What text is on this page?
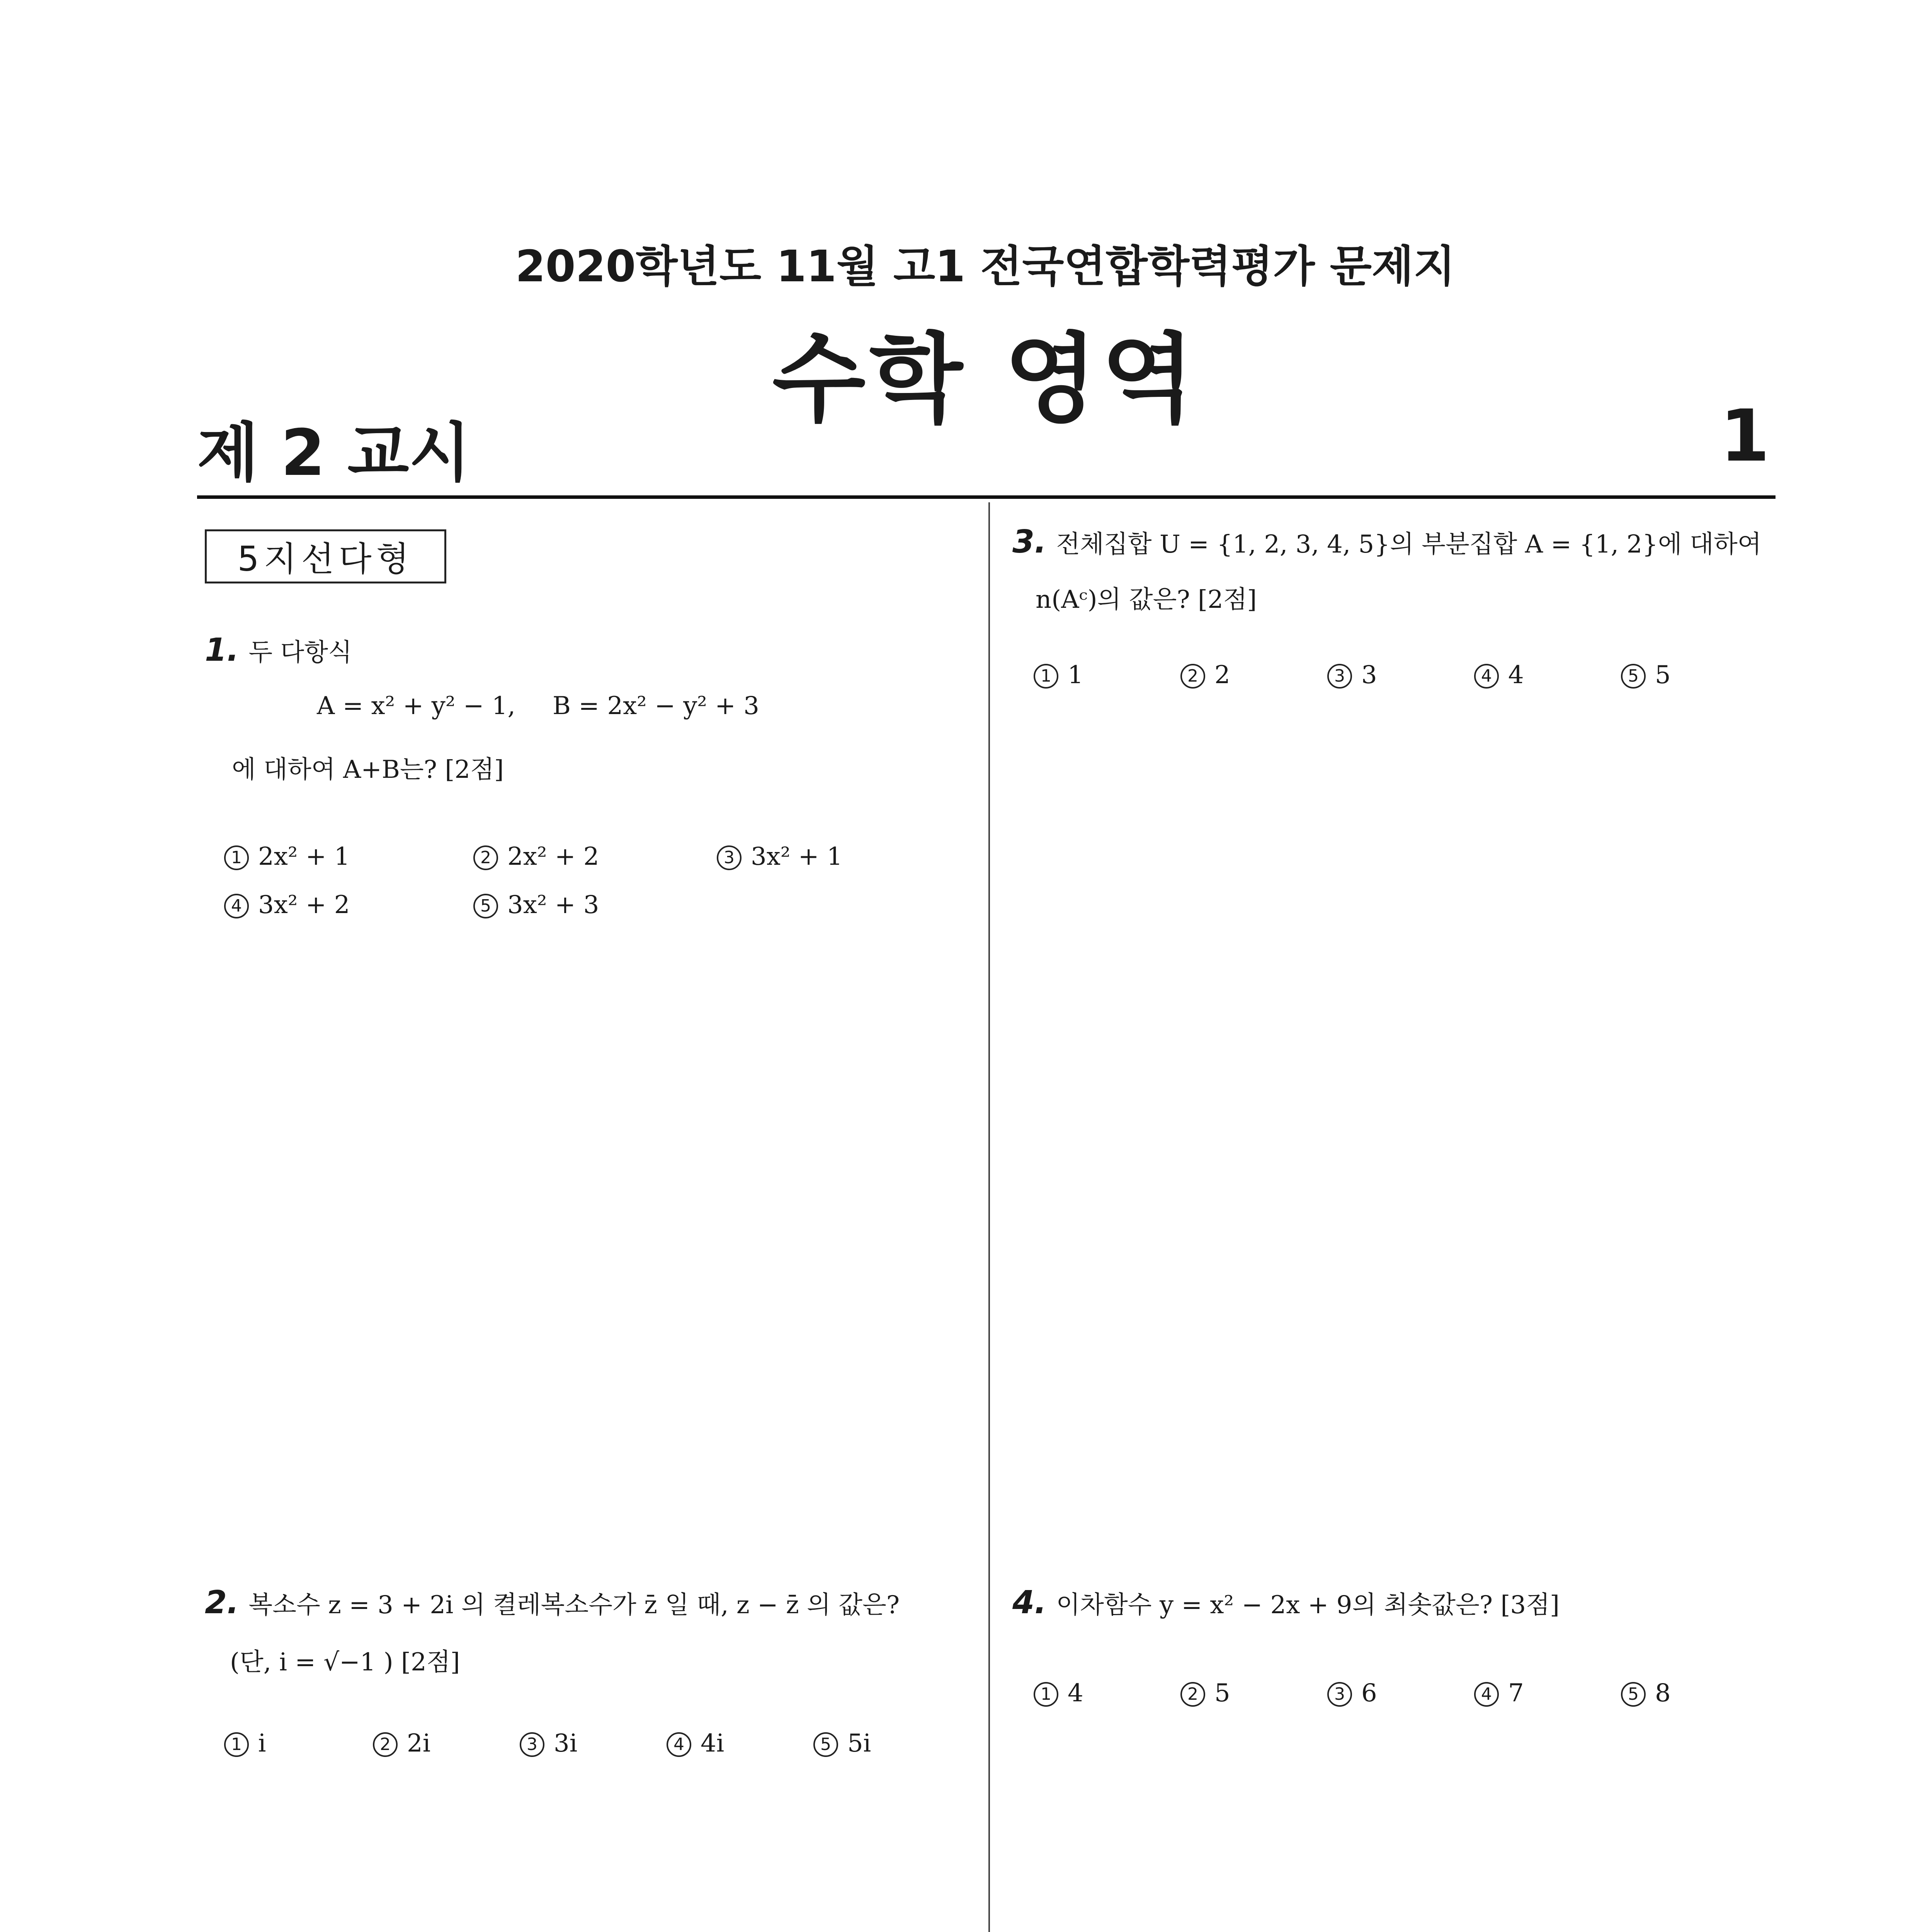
2020학년도 11월 고1 전국연합학력평가 문제지
수학 영역
제 2 교시	1
5지선다형
1. 두 다항식
A = x² + y² − 1, B = 2x² − y² + 3
에 대하여 A+B는? [2점]
1 2x² + 1	2 2x² + 2	3 3x² + 1
4 3x² + 2	5 3x² + 3
2. 복소수 z = 3 + 2i 의 켤레복소수가 z̄ 일 때, z − z̄ 의 값은?
(단, i = √−1 ) [2점]
1 i	2 2i	3 3i	4 4i	5 5i
3. 전체집합 U = {1, 2, 3, 4, 5}의 부분집합 A = {1, 2}에 대하여
n(Aᶜ)의 값은? [2점]
1 1	2 2	3 3	4 4	5 5
4. 이차함수 y = x² − 2x + 9의 최솟값은? [3점]
1 4	2 5	3 6	4 7	5 8
